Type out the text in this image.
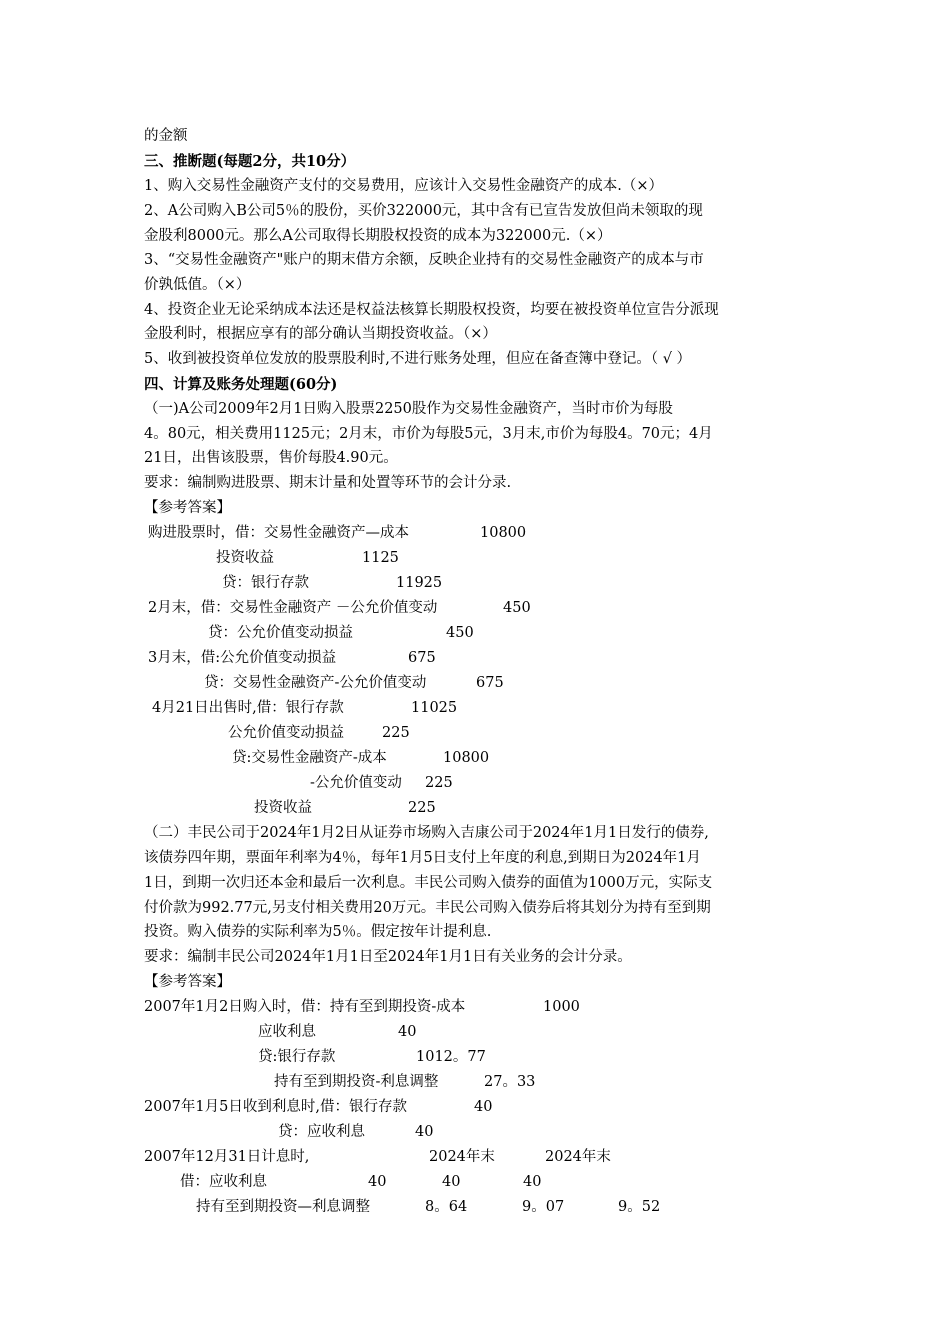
的金额
三、推断题(每题2分，共10分）
1、购入交易性金融资产支付的交易费用，应该计入交易性金融资产的成本.（×）
2、A公司购入B公司5％的股份，买价322000元，其中含有已宣告发放但尚未领取的现
金股利8000元。那么A公司取得长期股权投资的成本为322000元.（×）
3、“交易性金融资产"账户的期末借方余额，反映企业持有的交易性金融资产的成本与市
价孰低值。（×）
4、投资企业无论采纳成本法还是权益法核算长期股权投资，均要在被投资单位宣告分派现
金股利时，根据应享有的部分确认当期投资收益。（×）
5、收到被投资单位发放的股票股利时,不进行账务处理，但应在备查簿中登记。（ √ ）
四、计算及账务处理题(60分)
（一)A公司2009年2月1日购入股票2250股作为交易性金融资产，当时市价为每股
4。80元，相关费用1125元；2月末，市价为每股5元，3月末,市价为每股4。70元；4月
21日，出售该股票，售价每股4.90元。
要求：编制购进股票、期末计量和处置等环节的会计分录.
【参考答案】
购进股票时，借：交易性金融资产—成本	10800
投资收益	1125
贷：银行存款	11925
2月末，借：交易性金融资产 －公允价值变动	450
贷：公允价值变动损益	450
3月末，借:公允价值变动损益	675
贷：交易性金融资产-公允价值变动	675
4月21日出售时,借：银行存款	11025
公允价值变动损益	225
贷:交易性金融资产-成本	10800
-公允价值变动 225
投资收益	225
（二）丰民公司于2024年1月2日从证券市场购入吉康公司于2024年1月1日发行的债券,
该债券四年期，票面年利率为4％，每年1月5日支付上年度的利息,到期日为2024年1月
1日，到期一次归还本金和最后一次利息。丰民公司购入债券的面值为1000万元，实际支
付价款为992.77元,另支付相关费用20万元。丰民公司购入债券后将其划分为持有至到期
投资。购入债券的实际利率为5％。假定按年计提利息.
要求：编制丰民公司2024年1月1日至2024年1月1日有关业务的会计分录。
【参考答案】
2007年1月2日购入时，借：持有至到期投资-成本	1000
应收利息	40
贷:银行存款	1012。77
持有至到期投资-利息调整	27。33
2007年1月5日收到利息时,借：银行存款	40
贷：应收利息	40
2007年12月31日计息时,	2024年末	2024年末
借：应收利息	40	40	40
持有至到期投资—利息调整	8。64	9。07	9。52
